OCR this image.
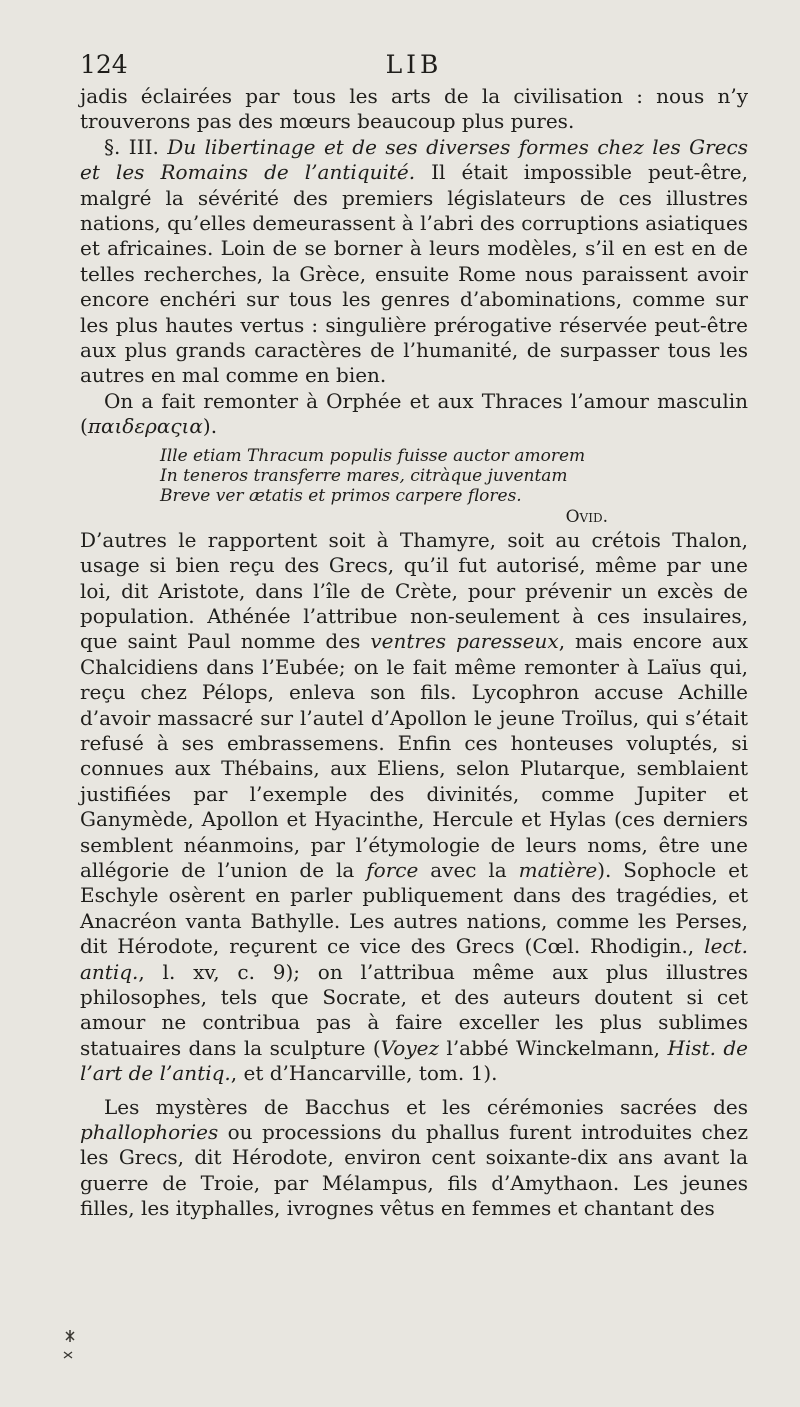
124	LIB

jadis éclairées par tous les arts de la civilisation : nous n’y trouverons pas des mœurs beaucoup plus pures.

§. III. Du libertinage et de ses diverses formes chez les Grecs et les Romains de l’antiquité. Il était impossible peut-être, malgré la sévérité des premiers législateurs de ces illustres nations, qu’elles demeurassent à l’abri des corruptions asiatiques et africaines. Loin de se borner à leurs modèles, s’il en est en de telles recherches, la Grèce, ensuite Rome nous paraissent avoir encore enchéri sur tous les genres d’abominations, comme sur les plus hautes vertus : singulière prérogative réservée peut-être aux plus grands caractères de l’humanité, de surpasser tous les autres en mal comme en bien.

On a fait remonter à Orphée et aux Thraces l’amour masculin (παιδεραςια).

Ille etiam Thracum populis fuisse auctor amorem
In teneros transferre mares, citràque juventam
Breve ver ætatis et primos carpere flores.
Ovid.

D’autres le rapportent soit à Thamyre, soit au crétois Thalon, usage si bien reçu des Grecs, qu’il fut autorisé, même par une loi, dit Aristote, dans l’île de Crète, pour prévenir un excès de population. Athénée l’attribue non-seulement à ces insulaires, que saint Paul nomme des ventres paresseux, mais encore aux Chalcidiens dans l’Eubée; on le fait même remonter à Laïus qui, reçu chez Pélops, enleva son fils. Lycophron accuse Achille d’avoir massacré sur l’autel d’Apollon le jeune Troïlus, qui s’était refusé à ses embrassemens. Enfin ces honteuses voluptés, si connues aux Thébains, aux Eliens, selon Plutarque, semblaient justifiées par l’exemple des divinités, comme Jupiter et Ganymède, Apollon et Hyacinthe, Hercule et Hylas (ces derniers semblent néanmoins, par l’étymologie de leurs noms, être une allégorie de l’union de la force avec la matière). Sophocle et Eschyle osèrent en parler publiquement dans des tragédies, et Anacréon vanta Bathylle. Les autres nations, comme les Perses, dit Hérodote, reçurent ce vice des Grecs (Cœl. Rhodigin., lect. antiq., l. xv, c. 9); on l’attribua même aux plus illustres philosophes, tels que Socrate, et des auteurs doutent si cet amour ne contribua pas à faire exceller les plus sublimes statuaires dans la sculpture (Voyez l’abbé Winckelmann, Hist. de l’art de l’antiq., et d’Hancarville, tom. 1).

Les mystères de Bacchus et les cérémonies sacrées des phallophories ou processions du phallus furent introduites chez les Grecs, dit Hérodote, environ cent soixante-dix ans avant la guerre de Troie, par Mélampus, fils d’Amythaon. Les jeunes filles, les ityphalles, ivrognes vêtus en femmes et chantant des
